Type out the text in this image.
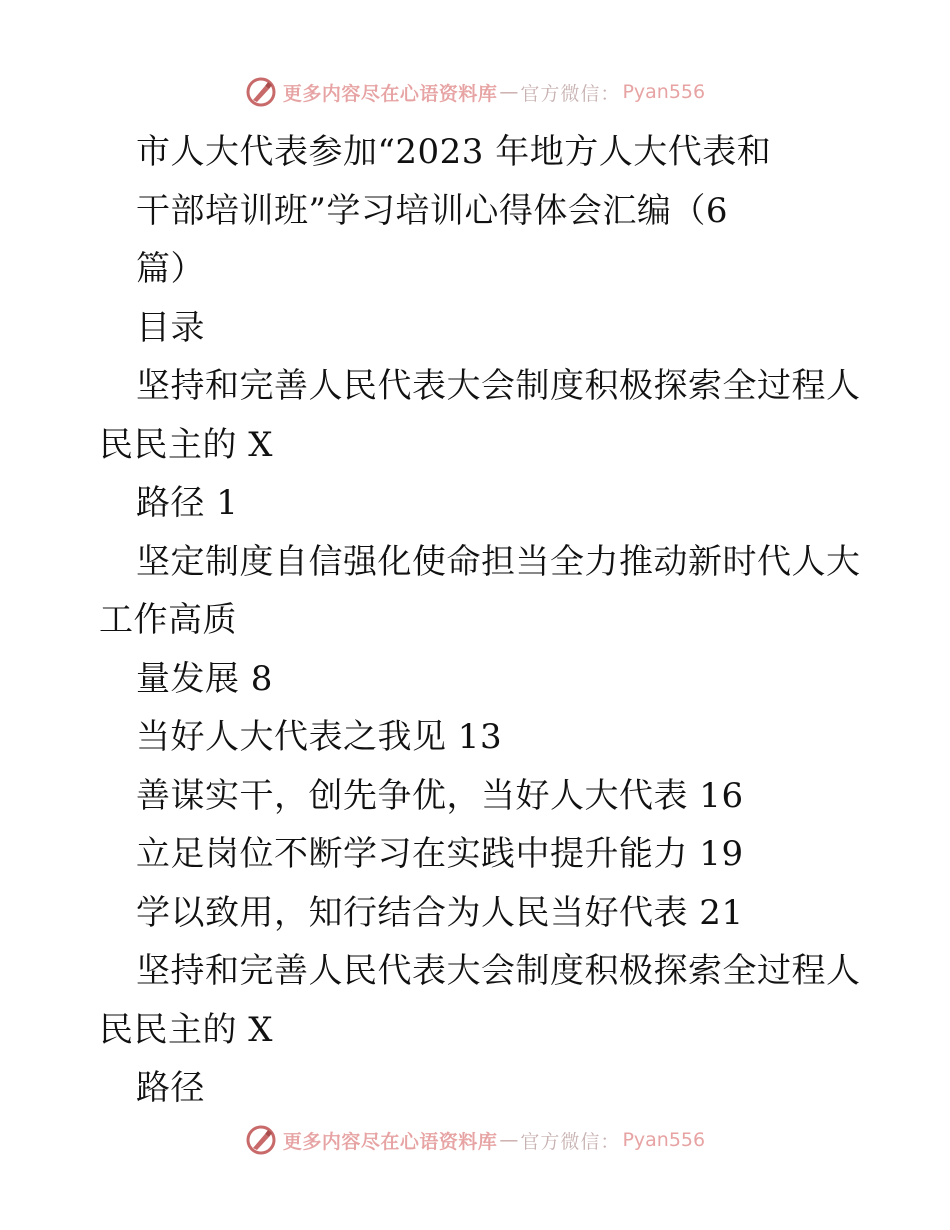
更多内容尽在心语资料库 — 官方微信： Pyan556
市人大代表参加“2023 年地方人大代表和
干部培训班”学习培训心得体会汇编（6
篇）
目录
坚持和完善人民代表大会制度积极探索全过程人
民民主的 X
路径 1
坚定制度自信强化使命担当全力推动新时代人大
工作高质
量发展 8
当好人大代表之我见 13
善谋实干，创先争优，当好人大代表 16
立足岗位不断学习在实践中提升能力 19
学以致用，知行结合为人民当好代表 21
坚持和完善人民代表大会制度积极探索全过程人
民民主的 X
路径
更多内容尽在心语资料库 — 官方微信： Pyan556
